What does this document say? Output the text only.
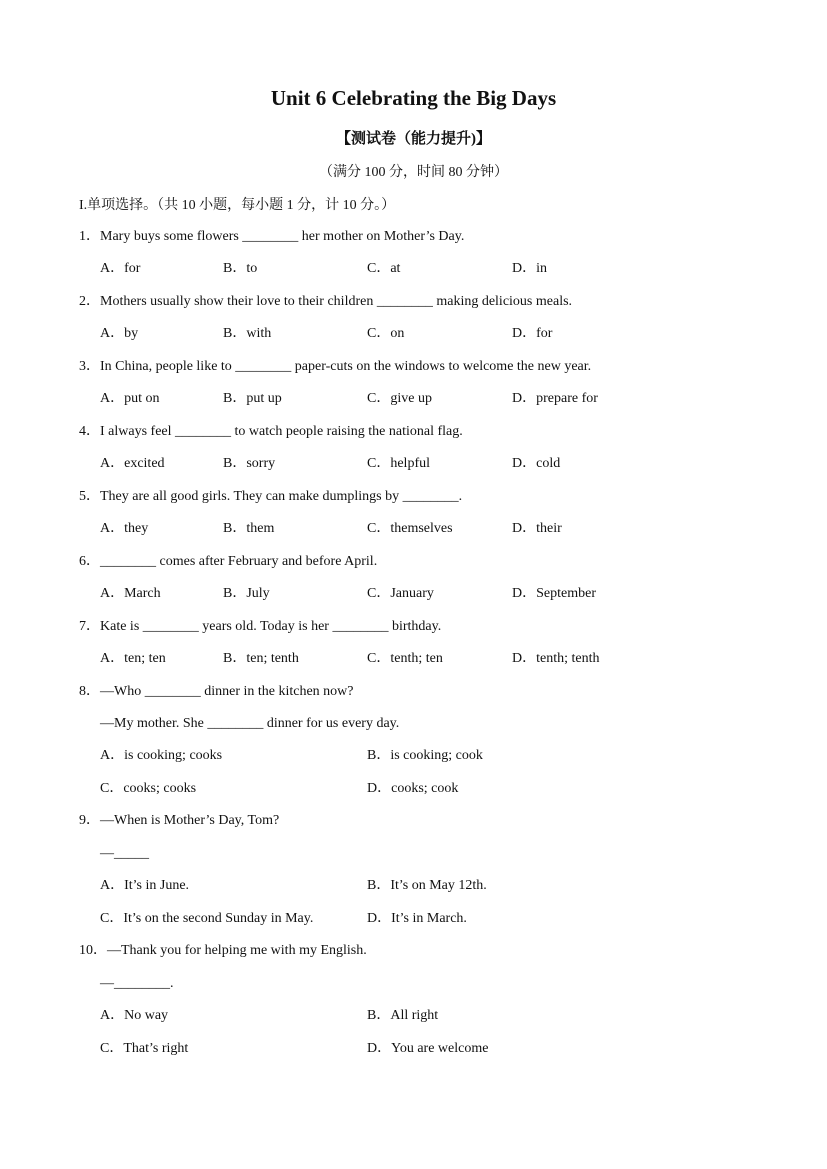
Unit 6 Celebrating the Big Days
【测试卷（能力提升)】
（满分 100 分，时间 80 分钟）
I.单项选择。（共 10 小题，每小题 1 分，计 10 分。）
1．Mary buys some flowers ________ her mother on Mother’s Day.
A．for	B．to	C．at	D．in
2．Mothers usually show their love to their children ________ making delicious meals.
A．by	B．with	C．on	D．for
3．In China, people like to ________ paper-cuts on the windows to welcome the new year.
A．put on	B．put up	C．give up	D．prepare for
4．I always feel ________ to watch people raising the national flag.
A．excited	B．sorry	C．helpful	D．cold
5．They are all good girls. They can make dumplings by ________.
A．they	B．them	C．themselves	D．their
6．________ comes after February and before April.
A．March	B．July	C．January	D．September
7．Kate is ________ years old. Today is her ________ birthday.
A．ten; ten	B．ten; tenth	C．tenth; ten	D．tenth; tenth
8．—Who ________ dinner in the kitchen now?
—My mother. She ________ dinner for us every day.
A．is cooking; cooks	B．is cooking; cook
C．cooks; cooks	D．cooks; cook
9．—When is Mother’s Day, Tom?
—_____
A．It’s in June.	B．It’s on May 12th.
C．It’s on the second Sunday in May.	D．It’s in March.
10．—Thank you for helping me with my English.
—________.
A．No way	B．All right
C．That’s right	D．You are welcome
